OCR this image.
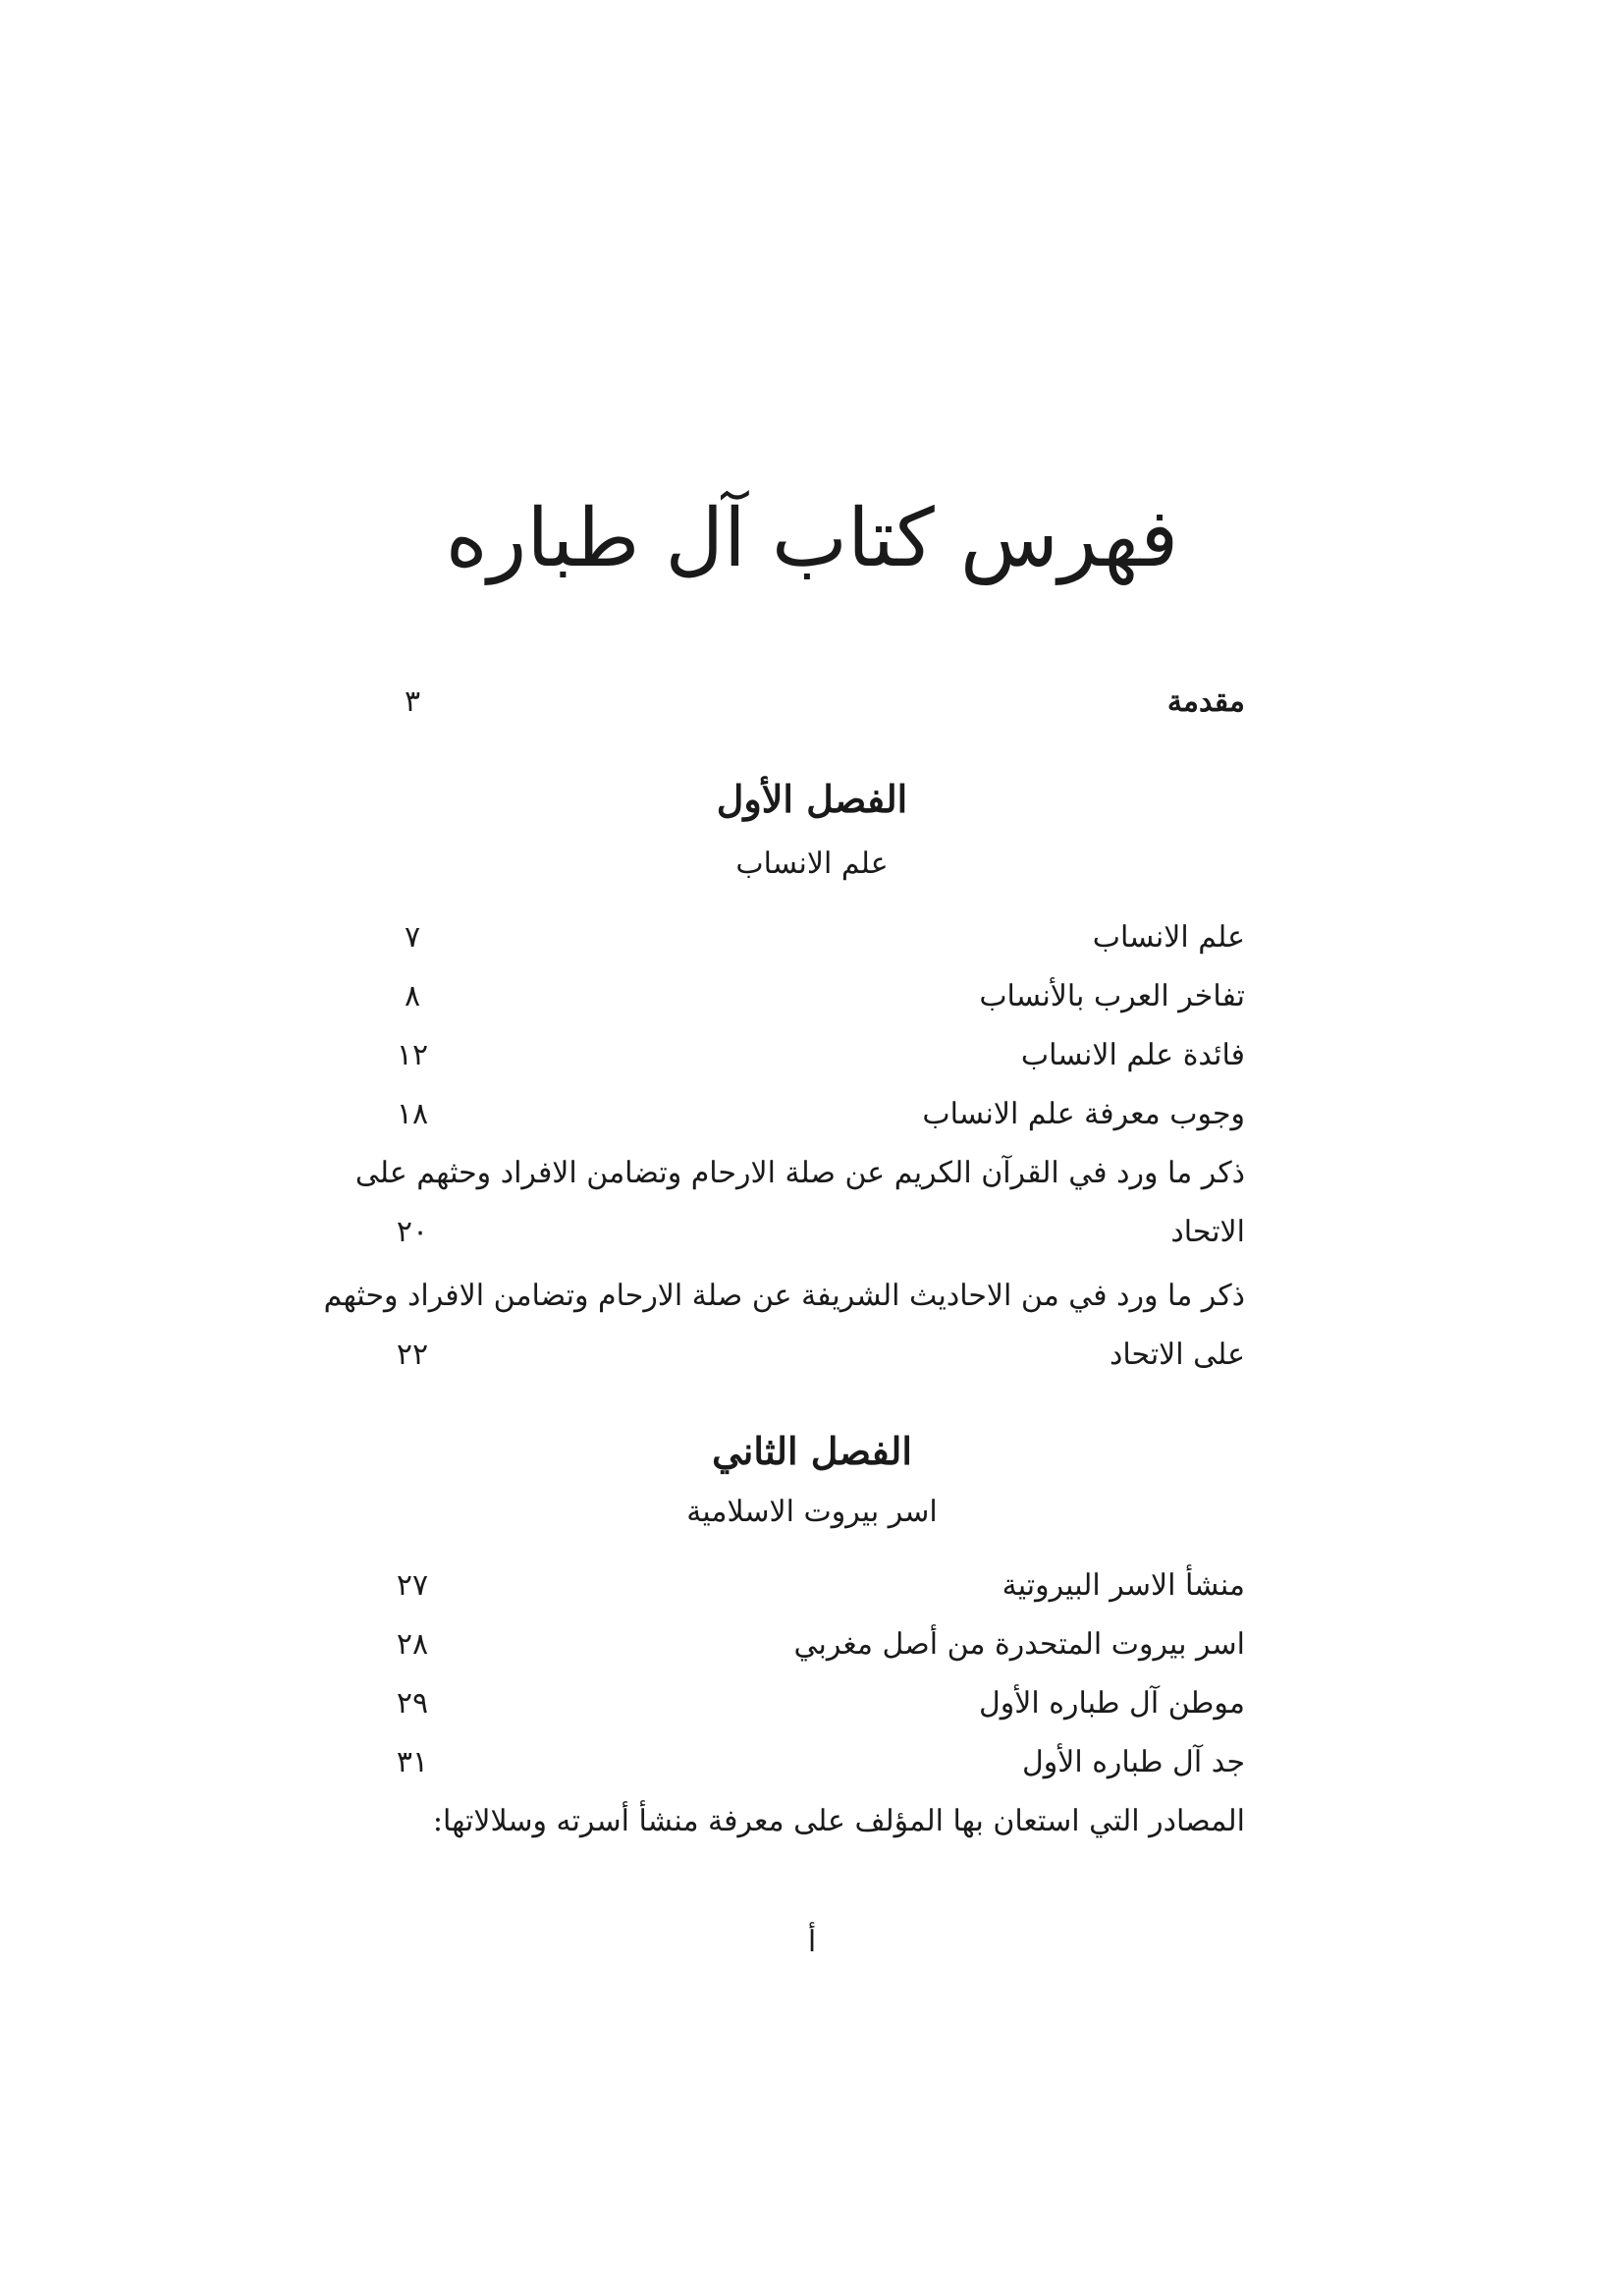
فهرس كتاب آل طباره
مقدمة
٣
الفصل الأول
علم الانساب
علم الانساب
٧
تفاخر العرب بالأنساب
٨
فائدة علم الانساب
١٢
وجوب معرفة علم الانساب
١٨
ذكر ما ورد في القرآن الكريم عن صلة الارحام وتضامن الافراد وحثهم على
الاتحاد
٢٠
ذكر ما ورد في من الاحاديث الشريفة عن صلة الارحام وتضامن الافراد وحثهم
على الاتحاد
٢٢
الفصل الثاني
اسر بيروت الاسلامية
منشأ الاسر البيروتية
٢٧
اسر بيروت المتحدرة من أصل مغربي
٢٨
موطن آل طباره الأول
٢٩
جد آل طباره الأول
٣١
المصادر التي استعان بها المؤلف على معرفة منشأ أسرته وسلالاتها:
أ
